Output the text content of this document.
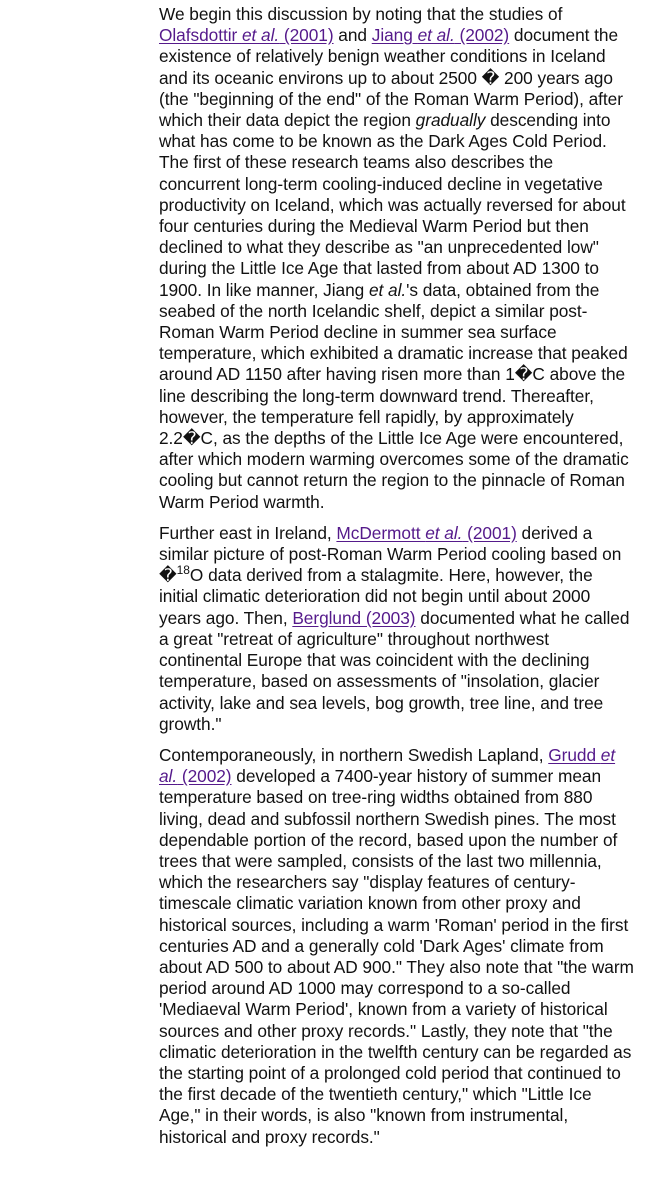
We begin this discussion by noting that the studies of Olafsdottir et al. (2001) and Jiang et al. (2002) document the existence of relatively benign weather conditions in Iceland and its oceanic environs up to about 2500 � 200 years ago (the "beginning of the end" of the Roman Warm Period), after which their data depict the region gradually descending into what has come to be known as the Dark Ages Cold Period. The first of these research teams also describes the concurrent long-term cooling-induced decline in vegetative productivity on Iceland, which was actually reversed for about four centuries during the Medieval Warm Period but then declined to what they describe as "an unprecedented low" during the Little Ice Age that lasted from about AD 1300 to 1900. In like manner, Jiang et al.'s data, obtained from the seabed of the north Icelandic shelf, depict a similar post-Roman Warm Period decline in summer sea surface temperature, which exhibited a dramatic increase that peaked around AD 1150 after having risen more than 1�C above the line describing the long-term downward trend. Thereafter, however, the temperature fell rapidly, by approximately 2.2�C, as the depths of the Little Ice Age were encountered, after which modern warming overcomes some of the dramatic cooling but cannot return the region to the pinnacle of Roman Warm Period warmth.

Further east in Ireland, McDermott et al. (2001) derived a similar picture of post-Roman Warm Period cooling based on �$^{18}$O data derived from a stalagmite. Here, however, the initial climatic deterioration did not begin until about 2000 years ago. Then, Berglund (2003) documented what he called a great "retreat of agriculture" throughout northwest continental Europe that was coincident with the declining temperature, based on assessments of "insolation, glacier activity, lake and sea levels, bog growth, tree line, and tree growth."

Contemporaneously, in northern Swedish Lapland, Grudd et al. (2002) developed a 7400-year history of summer mean temperature based on tree-ring widths obtained from 880 living, dead and subfossil northern Swedish pines. The most dependable portion of the record, based upon the number of trees that were sampled, consists of the last two millennia, which the researchers say "display features of century-timescale climatic variation known from other proxy and historical sources, including a warm 'Roman' period in the first centuries AD and a generally cold 'Dark Ages' climate from about AD 500 to about AD 900." They also note that "the warm period around AD 1000 may correspond to a so-called 'Mediaeval Warm Period', known from a variety of historical sources and other proxy records." Lastly, they note that "the climatic deterioration in the twelfth century can be regarded as the starting point of a prolonged cold period that continued to the first decade of the twentieth century," which "Little Ice Age," in their words, is also "known from instrumental, historical and proxy records."
